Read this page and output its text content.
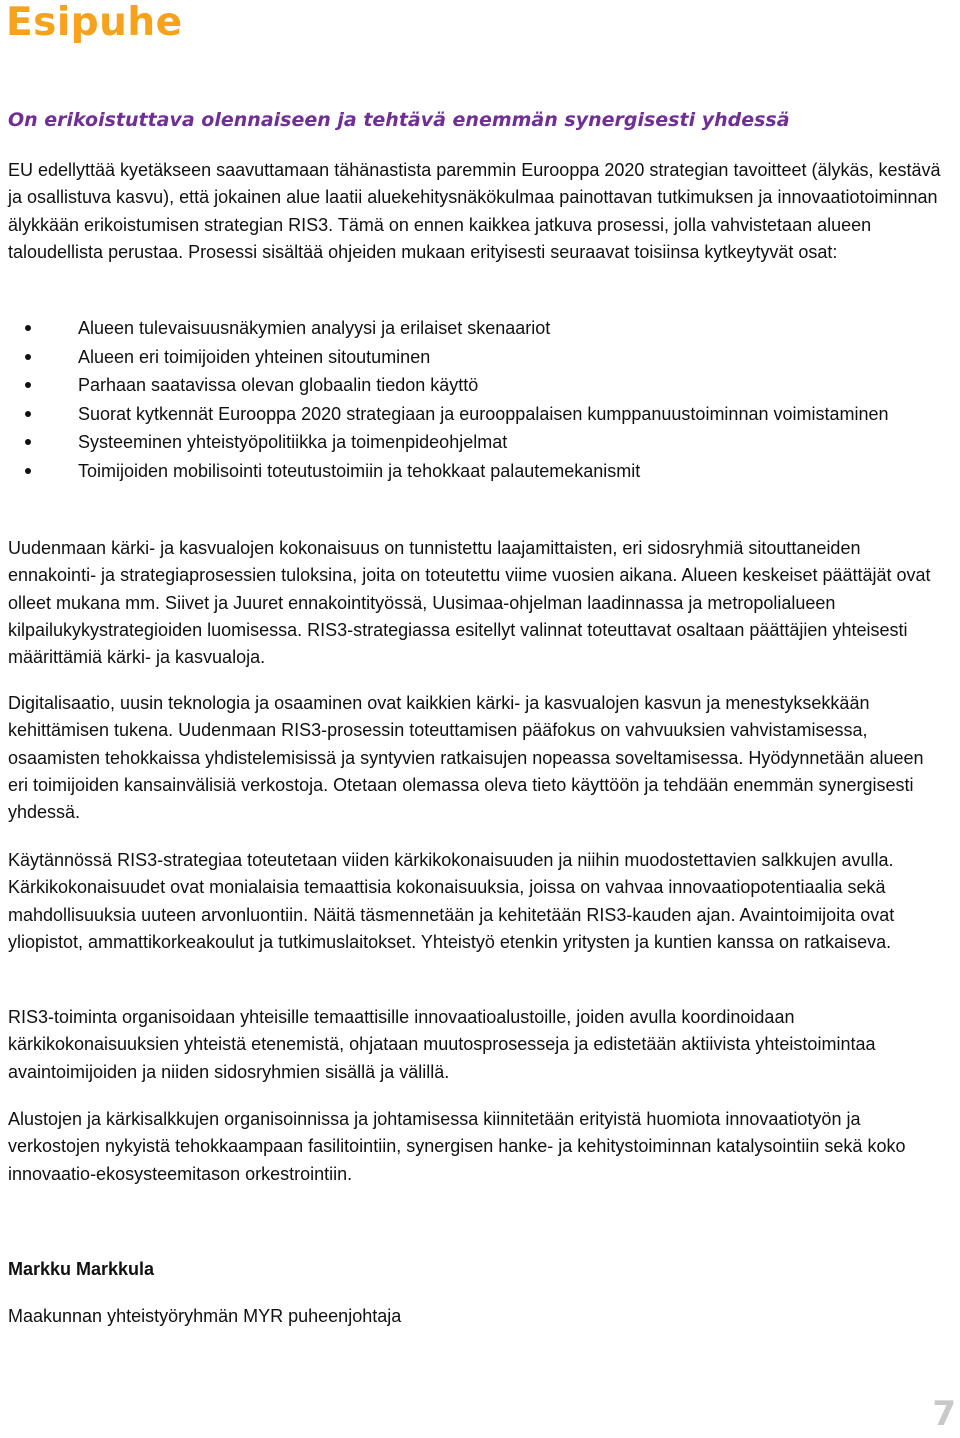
Esipuhe
On erikoistuttava olennaiseen ja tehtävä enemmän synergisesti yhdessä

EU edellyttää kyetäkseen saavuttamaan tähänastista paremmin Eurooppa 2020 strategian tavoitteet (älykäs, kestävä ja osallistuva kasvu), että jokainen alue laatii aluekehitysnäkökulmaa painottavan tutkimuksen ja innovaatiotoiminnan älykkään erikoistumisen strategian RIS3. Tämä on ennen kaikkea jatkuva prosessi, jolla vahvistetaan alueen taloudellista perustaa. Prosessi sisältää ohjeiden mukaan erityisesti seuraavat toisiinsa kytkeytyvät osat:

Alueen tulevaisuusnäkymien analyysi ja erilaiset skenaariot
Alueen eri toimijoiden yhteinen sitoutuminen
Parhaan saatavissa olevan globaalin tiedon käyttö
Suorat kytkennät Eurooppa 2020 strategiaan ja eurooppalaisen kumppanuustoiminnan voimistaminen
Systeeminen yhteistyöpolitiikka ja toimenpideohjelmat
Toimijoiden mobilisointi toteutustoimiin ja tehokkaat palautemekanismit

Uudenmaan kärki- ja kasvualojen kokonaisuus on tunnistettu laajamittaisten, eri sidosryhmiä sitouttaneiden ennakointi- ja strategiaprosessien tuloksina, joita on toteutettu viime vuosien aikana. Alueen keskeiset päättäjät ovat olleet mukana mm. Siivet ja Juuret ennakointityössä, Uusimaa-ohjelman laadinnassa ja metropolialueen kilpailukykystrategioiden luomisessa. RIS3-strategiassa esitellyt valinnat toteuttavat osaltaan päättäjien yhteisesti määrittämiä kärki- ja kasvualoja.

Digitalisaatio, uusin teknologia ja osaaminen ovat kaikkien kärki- ja kasvualojen kasvun ja menestyksekkään kehittämisen tukena. Uudenmaan RIS3-prosessin toteuttamisen pääfokus on vahvuuksien vahvistamisessa, osaamisten tehokkaissa yhdistelemisissä ja syntyvien ratkaisujen nopeassa soveltamisessa. Hyödynnetään alueen eri toimijoiden kansainvälisiä verkostoja. Otetaan olemassa oleva tieto käyttöön ja tehdään enemmän synergisesti yhdessä.

Käytännössä RIS3-strategiaa toteutetaan viiden kärkikokonaisuuden ja niihin muodostettavien salkkujen avulla. Kärkikokonaisuudet ovat monialaisia temaattisia kokonaisuuksia, joissa on vahvaa innovaatiopotentiaalia sekä mahdollisuuksia uuteen arvonluontiin. Näitä täsmennetään ja kehitetään RIS3-kauden ajan. Avaintoimijoita ovat yliopistot, ammattikorkeakoulut ja tutkimuslaitokset. Yhteistyö etenkin yritysten ja kuntien kanssa on ratkaiseva.

RIS3-toiminta organisoidaan yhteisille temaattisille innovaatioalustoille, joiden avulla koordinoidaan kärkikokonaisuuksien yhteistä etenemistä, ohjataan muutosprosesseja ja edistetään aktiivista yhteistoimintaa avaintoimijoiden ja niiden sidosryhmien sisällä ja välillä.

Alustojen ja kärkisalkkujen organisoinnissa ja johtamisessa kiinnitetään erityistä huomiota innovaatiotyön ja verkostojen nykyistä tehokkaampaan fasilitointiin, synergisen hanke- ja kehitystoiminnan katalysointiin sekä koko innovaatio-ekosysteemitason orkestrointiin.

Markku Markkula

Maakunnan yhteistyöryhmän MYR puheenjohtaja

7
